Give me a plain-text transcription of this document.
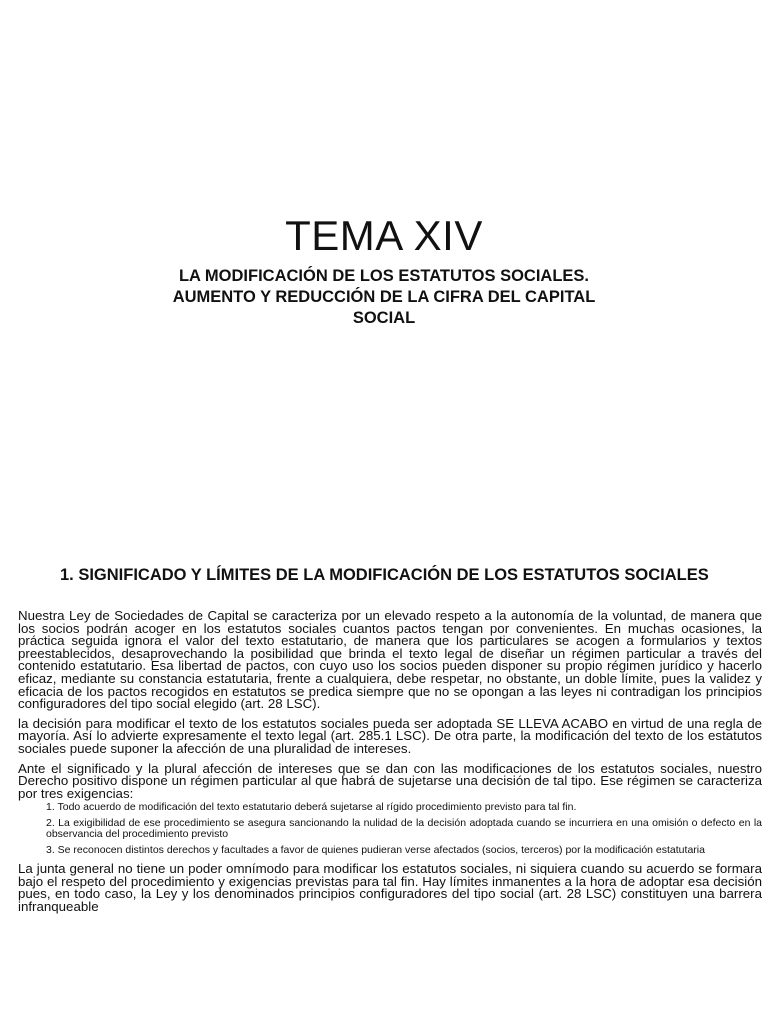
TEMA XIV
LA MODIFICACIÓN DE LOS ESTATUTOS SOCIALES.
AUMENTO Y REDUCCIÓN DE LA CIFRA DEL CAPITAL
SOCIAL
1. SIGNIFICADO Y LÍMITES DE LA MODIFICACIÓN DE LOS ESTATUTOS SOCIALES

Nuestra Ley de Sociedades de Capital se caracteriza por un elevado respeto a la autonomía de la voluntad, de manera que los socios podrán acoger en los estatutos sociales cuantos pactos tengan por convenientes. En muchas ocasiones, la práctica seguida ignora el valor del texto estatutario, de manera que los particulares se acogen a formularios y textos preestablecidos, desaprovechando la posibilidad que brinda el texto legal de diseñar un régimen particular a través del contenido estatutario. Esa libertad de pactos, con cuyo uso los socios pueden disponer su propio régimen jurídico y hacerlo eficaz, mediante su constancia estatutaria, frente a cualquiera, debe respetar, no obstante, un doble límite, pues la validez y eficacia de los pactos recogidos en estatutos se predica siempre que no se opongan a las leyes ni contradigan los principios configuradores del tipo social elegido (art. 28 LSC).

la decisión para modificar el texto de los estatutos sociales pueda ser adoptada SE LLEVA ACABO en virtud de una regla de mayoría. Así lo advierte expresamente el texto legal (art. 285.1 LSC). De otra parte, la modificación del texto de los estatutos sociales puede suponer la afección de una pluralidad de intereses.

Ante el significado y la plural afección de intereses que se dan con las modificaciones de los estatutos sociales, nuestro Derecho positivo dispone un régimen particular al que habrá de sujetarse una decisión de tal tipo. Ese régimen se caracteriza por tres exigencias:

1. Todo acuerdo de modificación del texto estatutario deberá sujetarse al rígido procedimiento previsto para tal fin.
2. La exigibilidad de ese procedimiento se asegura sancionando la nulidad de la decisión adoptada cuando se incurriera en una omisión o defecto en la observancia del procedimiento previsto
3. Se reconocen distintos derechos y facultades a favor de quienes pudieran verse afectados (socios, terceros) por la modificación estatutaria

La junta general no tiene un poder omnímodo para modificar los estatutos sociales, ni siquiera cuando su acuerdo se formara bajo el respeto del procedimiento y exigencias previstas para tal fin. Hay límites inmanentes a la hora de adoptar esa decisión pues, en todo caso, la Ley y los denominados principios configuradores del tipo social (art. 28 LSC) constituyen una barrera infranqueable
